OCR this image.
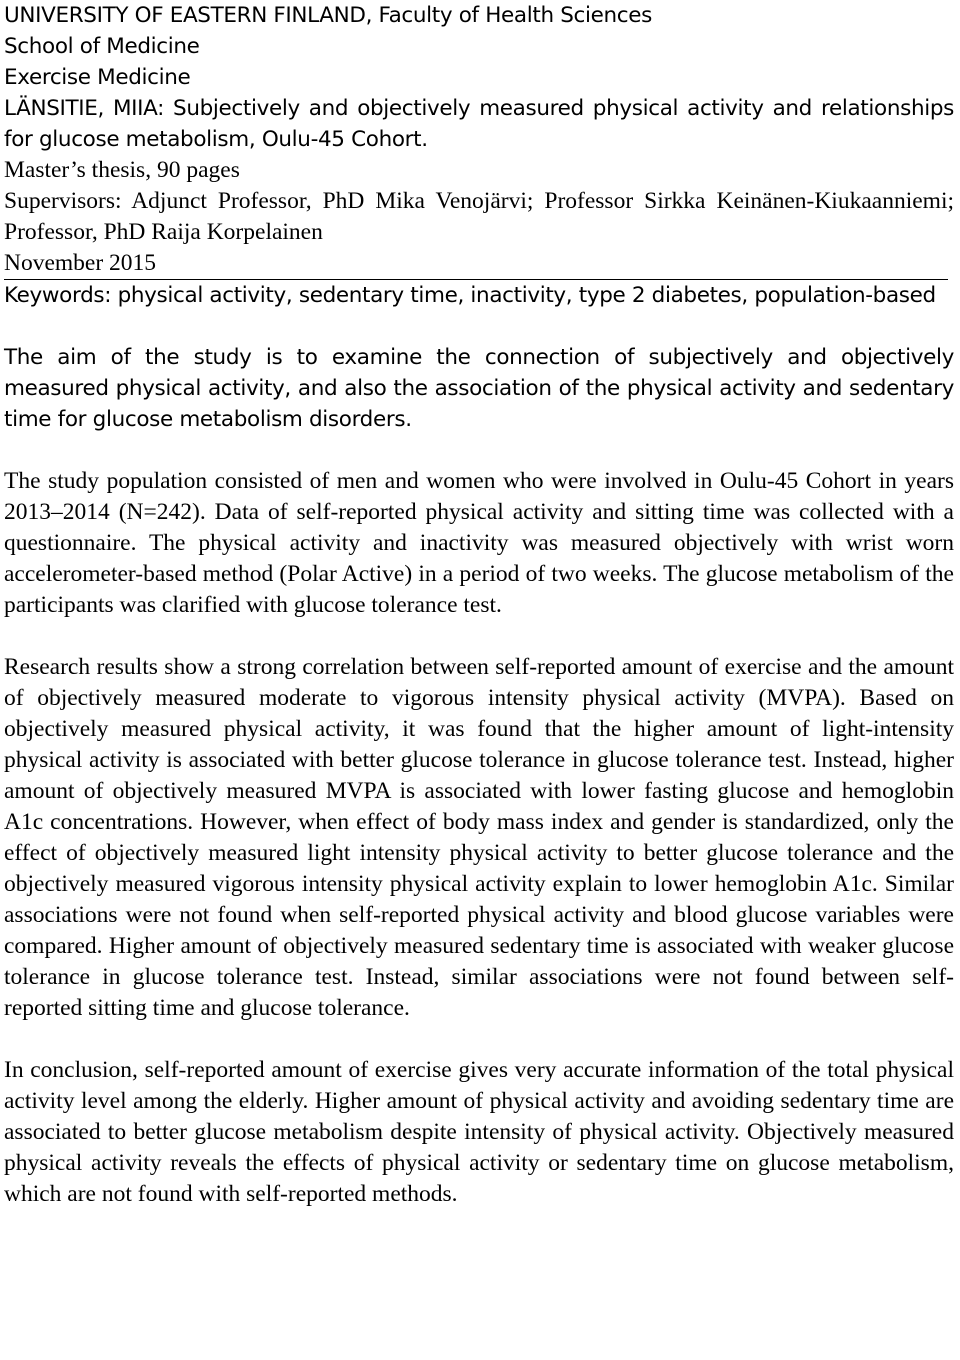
UNIVERSITY OF EASTERN FINLAND, Faculty of Health Sciences

School of Medicine

Exercise Medicine

LÄNSITIE, MIIA: Subjectively and objectively measured physical activity and relationships for glucose metabolism, Oulu-45 Cohort.

Master’s thesis, 90 pages

Supervisors: Adjunct Professor, PhD Mika Venojärvi; Professor Sirkka Keinänen-Kiukaanniemi; Professor, PhD Raija Korpelainen

November 2015

Keywords: physical activity, sedentary time, inactivity, type 2 diabetes, population-based

The aim of the study is to examine the connection of subjectively and objectively measured physical activity, and also the association of the physical activity and sedentary time for glucose metabolism disorders.

The study population consisted of men and women who were involved in Oulu-45 Cohort in years 2013–2014 (N=242). Data of self-reported physical activity and sitting time was collected with a questionnaire. The physical activity and inactivity was measured objectively with wrist worn accelerometer-based method (Polar Active) in a period of two weeks. The glucose metabolism of the participants was clarified with glucose tolerance test.

Research results show a strong correlation between self-reported amount of exercise and the amount of objectively measured moderate to vigorous intensity physical activity (MVPA). Based on objectively measured physical activity, it was found that the higher amount of light-intensity physical activity is associated with better glucose tolerance in glucose tolerance test. Instead, higher amount of objectively measured MVPA is associated with lower fasting glucose and hemoglobin A1c concentrations. However, when effect of body mass index and gender is standardized, only the effect of objectively measured light intensity physical activity to better glucose tolerance and the objectively measured vigorous intensity physical activity explain to lower hemoglobin A1c. Similar associations were not found when self-reported physical activity and blood glucose variables were compared. Higher amount of objectively measured sedentary time is associated with weaker glucose tolerance in glucose tolerance test. Instead, similar associations were not found between self-reported sitting time and glucose tolerance.

In conclusion, self-reported amount of exercise gives very accurate information of the total physical activity level among the elderly. Higher amount of physical activity and avoiding sedentary time are associated to better glucose metabolism despite intensity of physical activity. Objectively measured physical activity reveals the effects of physical activity or sedentary time on glucose metabolism, which are not found with self-reported methods.
